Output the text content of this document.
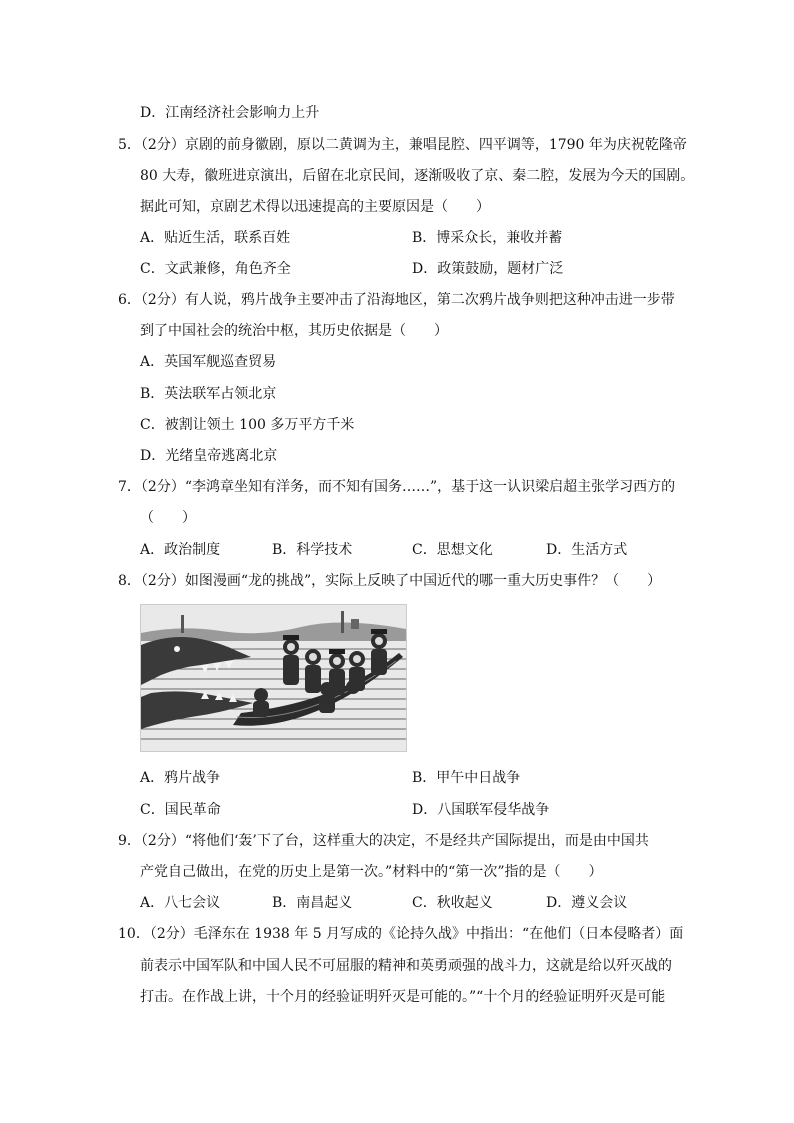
D．江南经济社会影响力上升
5．（2分）京剧的前身徽剧，原以二黄调为主，兼唱昆腔、四平调等，1790 年为庆祝乾隆帝
80 大寿，徽班进京演出，后留在北京民间，逐渐吸收了京、秦二腔，发展为今天的国剧。
据此可知，京剧艺术得以迅速提高的主要原因是（　　）
A．贴近生活，联系百姓	B．博采众长，兼收并蓄
C．文武兼修，角色齐全	D．政策鼓励，题材广泛
6．（2分）有人说，鸦片战争主要冲击了沿海地区，第二次鸦片战争则把这种冲击进一步带
到了中国社会的统治中枢，其历史依据是（　　）
A．英国军舰巡查贸易
B．英法联军占领北京
C．被割让领土 100 多万平方千米
D．光绪皇帝逃离北京
7．（2分）“李鸿章坐知有洋务，而不知有国务……”，基于这一认识梁启超主张学习西方的
（　　）
A．政治制度	B．科学技术	C．思想文化	D．生活方式
8．（2分）如图漫画“龙的挑战”，实际上反映了中国近代的哪一重大历史事件？（　　）
A．鸦片战争	B．甲午中日战争
C．国民革命	D．八国联军侵华战争
9．（2分）“将他们‘轰’下了台，这样重大的决定，不是经共产国际提出，而是由中国共
产党自己做出，在党的历史上是第一次。”材料中的“第一次”指的是（　　）
A．八七会议	B．南昌起义	C．秋收起义	D．遵义会议
10．（2分）毛泽东在 1938 年 5 月写成的《论持久战》中指出：“在他们（日本侵略者）面
前表示中国军队和中国人民不可屈服的精神和英勇顽强的战斗力，这就是给以歼灭战的
打击。在作战上讲，十个月的经验证明歼灭是可能的。”“十个月的经验证明歼灭是可能
